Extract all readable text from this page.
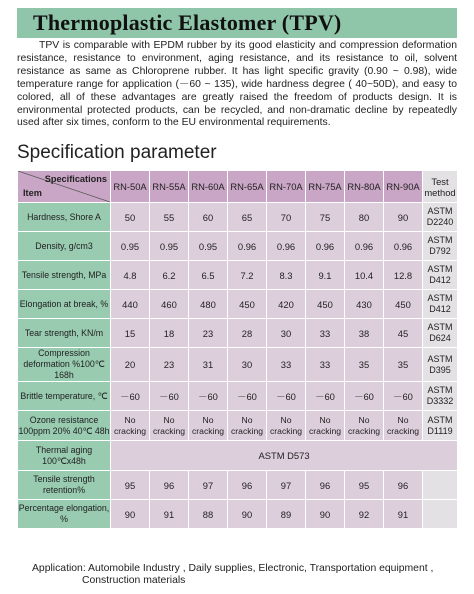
Thermoplastic Elastomer (TPV)

TPV is comparable with EPDM rubber by its good elasticity and compression deformation resistance, resistance to environment, aging resistance, and its resistance to oil, solvent resistance as same as Chloroprene rubber. It has light specific gravity (0.90 ~ 0.98), wide temperature range for application (－60 ~ 135), wide hardness degree ( 40~50D), and easy to colored, all of these advantages are greatly raised the freedom of products design. It is environmental protected products, can be recycled, and non-dramatic decline by repeatedly used after six times, conform to the EU environmental requirements.

Specification parameter
Specifications
Item	RN-50A	RN-55A	RN-60A	RN-65A	RN-70A	RN-75A	RN-80A	RN-90A	Test method
Hardness, Shore A	50	55	60	65	70	75	80	90	ASTM D2240
Density, g/cm3	0.95	0.95	0.95	0.96	0.96	0.96	0.96	0.96	ASTM D792
Tensile strength, MPa	4.8	6.2	6.5	7.2	8.3	9.1	10.4	12.8	ASTM D412
Elongation at break, %	440	460	480	450	420	450	430	450	ASTM D412
Tear strength, KN/m	15	18	23	28	30	33	38	45	ASTM D624
Compression deformation %100℃ 168h	20	23	31	30	33	33	35	35	ASTM D395
Brittle temperature, ℃	－60	－60	－60	－60	－60	－60	－60	－60	ASTM D3332
Ozone resistance 100ppm 20% 40℃ 48h	No cracking	No cracking	No cracking	No cracking	No cracking	No cracking	No cracking	No cracking	ASTM D1119
Thermal aging 100℃x48h	ASTM D573								
Tensile strength retention%	95	96	97	96	97	96	95	96	
Percentage elongation, %	90	91	88	90	89	90	92	91	

Application: Automobile Industry , Daily supplies, Electronic, Transportation equipment ,
Construction materials
